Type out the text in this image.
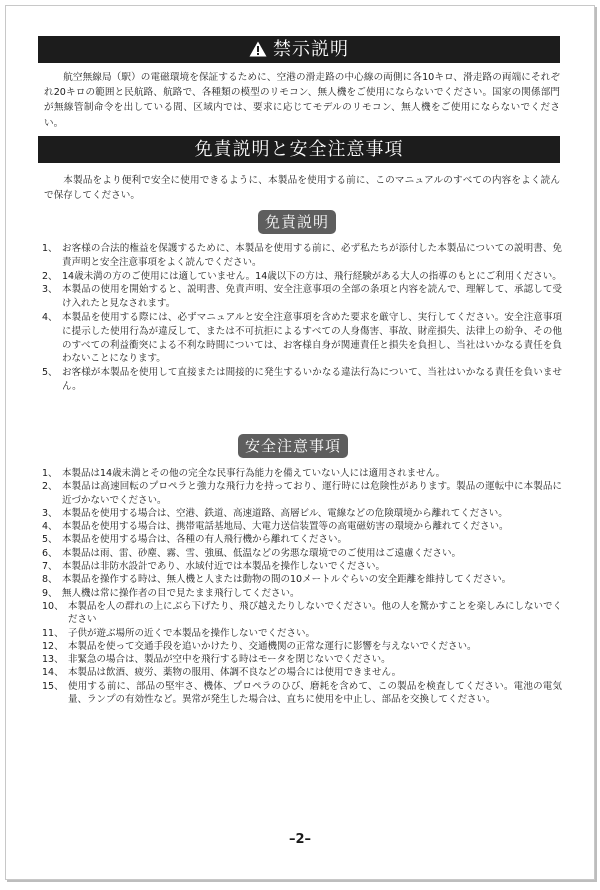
禁示説明

航空無線局（駅）の電磁環境を保証するために、空港の滑走路の中心線の両側に各10キロ、滑走路の両端にそれぞれ20キロの範囲と民航路、航路で、各種類の模型のリモコン、無人機をご使用にならないでください。国家の関係部門が無線管制命令を出している間、区域内では、要求に応じてモデルのリモコン、無人機をご使用にならないでください。

免責説明と安全注意事項

本製品をより便利で安全に使用できるように、本製品を使用する前に、このマニュアルのすべての内容をよく読んで保存してください。

免責説明
1、 お客様の合法的権益を保護するために、本製品を使用する前に、必ず私たちが添付した本製品についての説明書、免責声明と安全注意事項をよく読んでください。
2、 14歳未満の方のご使用には適していません。14歳以下の方は、飛行経験がある大人の指導のもとにご利用ください。
3、 本製品の使用を開始すると、説明書、免責声明、安全注意事項の全部の条項と内容を読んで、理解して、承認して受け入れたと見なされます。
4、 本製品を使用する際には、必ずマニュアルと安全注意事項を含めた要求を厳守し、実行してください。安全注意事項に提示した使用行為が違反して、または不可抗拒によるすべての人身傷害、事故、財産損失、法律上の紛争、その他のすべての利益衝突による不利な時間については、お客様自身が関連責任と損失を負担し、当社はいかなる責任を負わないことになります。
5、 お客様が本製品を使用して直接または間接的に発生するいかなる違法行為について、当社はいかなる責任を負いません。
安全注意事項
1、 本製品は14歳未満とその他の完全な民事行為能力を備えていない人には適用されません。
2、 本製品は高速回転のプロペラと強力な飛行力を持っており、運行時には危険性があります。製品の運転中に本製品に近づかないでください。
3、 本製品を使用する場合は、空港、鉄道、高速道路、高層ビル、電線などの危険環境から離れてください。
4、 本製品を使用する場合は、携帯電話基地局、大電力送信装置等の高電磁妨害の環境から離れてください。
5、 本製品を使用する場合は、各種の有人飛行機から離れてください。
6、 本製品は雨、雷、砂塵、霧、雪、強風、低温などの劣悪な環境でのご使用はご遠慮ください。
7、 本製品は非防水設計であり、水域付近では本製品を操作しないでください。
8、 本製品を操作する時は、無人機と人または動物の間の10メートルぐらいの安全距離を維持してください。
9、 無人機は常に操作者の目で見たまま飛行してください。
10、 本製品を人の群れの上にぶら下げたり、飛び越えたりしないでください。他の人を驚かすことを楽しみにしないでください
11、 子供が遊ぶ場所の近くで本製品を操作しないでください。
12、 本製品を使って交通手段を追いかけたり、交通機関の正常な運行に影響を与えないでください。
13、 非緊急の場合は、製品が空中を飛行する時はモータを閉じないでください。
14、 本製品は飲酒、疲労、薬物の服用、体調不良などの場合には使用できません。
15、 使用する前に、部品の堅牢さ、機体、プロペラのひび、磨耗を含めて、この製品を検査してください。電池の電気量、ランプの有効性など。異常が発生した場合は、直ちに使用を中止し、部品を交換してください。
–2–
